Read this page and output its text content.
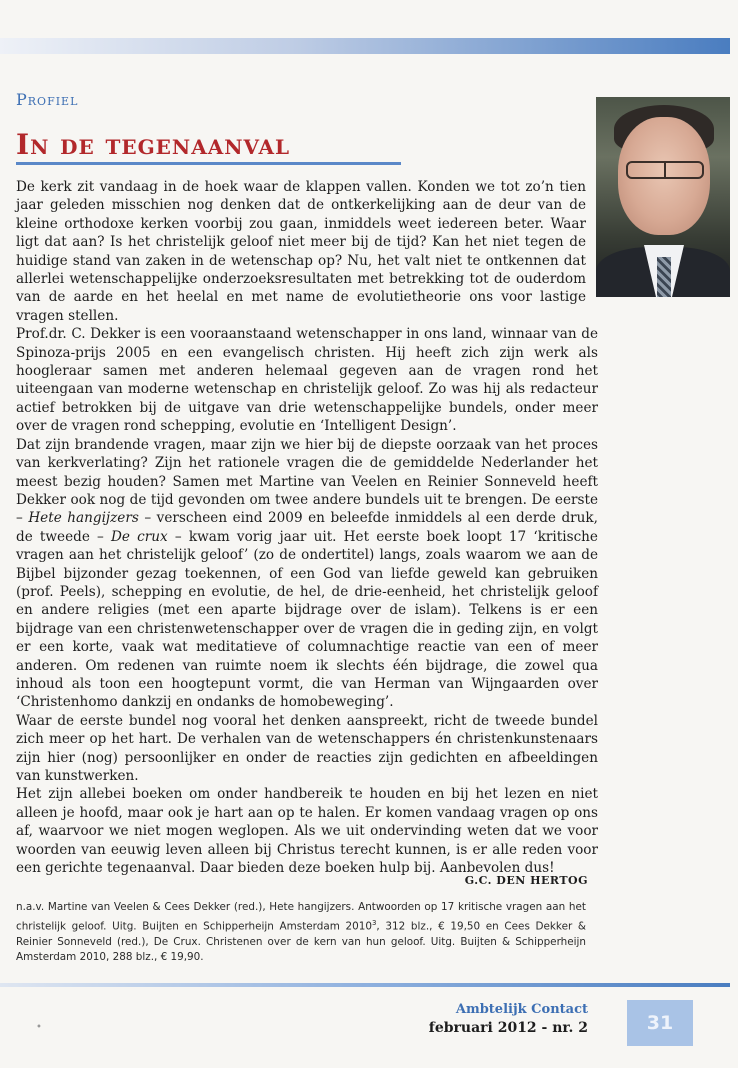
Profiel
In de tegenaanval

De kerk zit vandaag in de hoek waar de klappen vallen. Konden we tot zo’n tien jaar geleden misschien nog denken dat de ontkerkelijking aan de deur van de kleine orthodoxe kerken voorbij zou gaan, inmiddels weet iedereen beter. Waar ligt dat aan? Is het christelijk geloof niet meer bij de tijd? Kan het niet tegen de huidige stand van zaken in de wetenschap op? Nu, het valt niet te ontkennen dat allerlei wetenschappelijke onderzoeksresultaten met betrekking tot de ouderdom van de aarde en het heelal en met name de evolutietheorie ons voor lastige vragen stellen.

Prof.dr. C. Dekker is een vooraanstaand wetenschapper in ons land, winnaar van de Spinoza-prijs 2005 en een evangelisch christen. Hij heeft zich zijn werk als hoogleraar samen met anderen helemaal gegeven aan de vragen rond het uiteengaan van moderne wetenschap en christelijk geloof. Zo was hij als redacteur actief betrokken bij de uitgave van drie wetenschappelijke bundels, onder meer over de vragen rond schepping, evolutie en ‘Intelligent Design’.

Dat zijn brandende vragen, maar zijn we hier bij de diepste oorzaak van het proces van kerkverlating? Zijn het rationele vragen die de gemiddelde Nederlander het meest bezig houden? Samen met Martine van Veelen en Reinier Sonneveld heeft Dekker ook nog de tijd gevonden om twee andere bundels uit te brengen. De eerste – Hete hangijzers – verscheen eind 2009 en beleefde inmiddels al een derde druk, de tweede – De crux – kwam vorig jaar uit. Het eerste boek loopt 17 ‘kritische vragen aan het christelijk geloof’ (zo de ondertitel) langs, zoals waarom we aan de Bijbel bijzonder gezag toekennen, of een God van liefde geweld kan gebruiken (prof. Peels), schepping en evolutie, de hel, de drie-eenheid, het christelijk geloof en andere religies (met een aparte bijdrage over de islam). Telkens is er een bijdrage van een christenwetenschapper over de vragen die in geding zijn, en volgt er een korte, vaak wat meditatieve of columnachtige reactie van een of meer anderen. Om redenen van ruimte noem ik slechts één bijdrage, die zowel qua inhoud als toon een hoogtepunt vormt, die van Herman van Wijngaarden over ‘Christenhomo dankzij en ondanks de homobeweging’.

Waar de eerste bundel nog vooral het denken aanspreekt, richt de tweede bundel zich meer op het hart. De verhalen van de wetenschappers én christenkunstenaars zijn hier (nog) persoonlijker en onder de reacties zijn gedichten en afbeeldingen van kunstwerken.

Het zijn allebei boeken om onder handbereik te houden en bij het lezen en niet alleen je hoofd, maar ook je hart aan op te halen. Er komen vandaag vragen op ons af, waarvoor we niet mogen weglopen. Als we uit ondervinding weten dat we voor woorden van eeuwig leven alleen bij Christus terecht kunnen, is er alle reden voor een gerichte tegenaanval. Daar bieden deze boeken hulp bij. Aanbevolen dus!

G.C. DEN HERTOG
n.a.v. Martine van Veelen & Cees Dekker (red.), Hete hangijzers. Antwoorden op 17 kritische vragen aan het christelijk geloof. Uitg. Buijten en Schipperheijn Amsterdam 2010$^3$, 312 blz., € 19,50 en Cees Dekker & Reinier Sonneveld (red.), De Crux. Christenen over de kern van hun geloof. Uitg. Buijten & Schipperheijn Amsterdam 2010, 288 blz., € 19,90.
Ambtelijk Contact
februari 2012 - nr. 2	31
•
